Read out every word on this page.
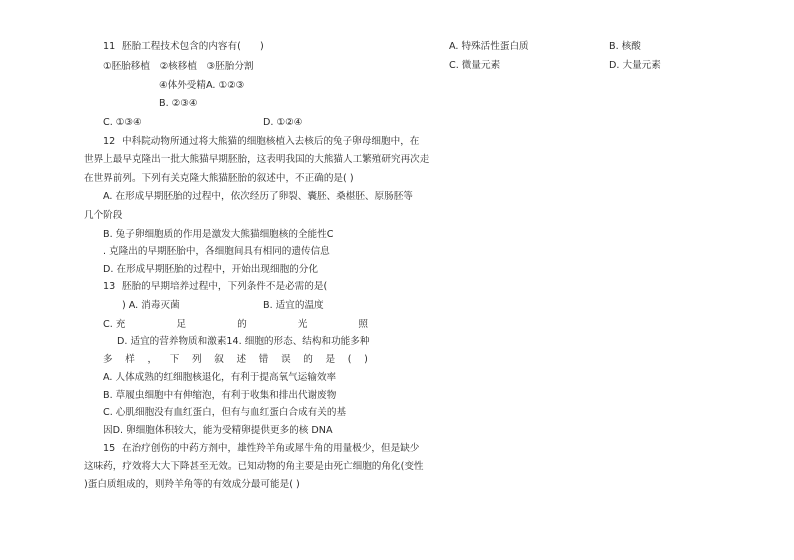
11 胚胎工程技术包含的内容有(　　)
①胚胎移植　②核移植　③胚胎分割
④体外受精A. ①②③
B. ②③④
C. ①③④	D. ①②④
12 中科院动物所通过将大熊猫的细胞核植入去核后的兔子卵母细胞中，在
世界上最早克隆出一批大熊猫早期胚胎，这表明我国的大熊猫人工繁殖研究再次走
在世界前列。下列有关克隆大熊猫胚胎的叙述中，不正确的是( )
A. 在形成早期胚胎的过程中，依次经历了卵裂、囊胚、桑椹胚、原肠胚等
几个阶段
B. 兔子卵细胞质的作用是激发大熊猫细胞核的全能性C
. 克隆出的早期胚胎中，各细胞间具有相同的遗传信息
D. 在形成早期胚胎的过程中，开始出现细胞的分化
13 胚胎的早期培养过程中，下列条件不是必需的是(
) A. 消毒灭菌	B. 适宜的温度
C. 充	足	的	光	照
D. 适宜的营养物质和激素14. 细胞的形态、结构和功能多种
多 样 ， 下 列 叙 述 错 误 的 是 ( )
A. 人体成熟的红细胞核退化，有利于提高氧气运输效率
B. 草履虫细胞中有伸缩泡，有利于收集和排出代谢废物
C. 心肌细胞没有血红蛋白，但有与血红蛋白合成有关的基
因D. 卵细胞体积较大，能为受精卵提供更多的核 DNA
15 在治疗创伤的中药方剂中，雄性羚羊角或犀牛角的用量极少，但是缺少
这味药，疗效将大大下降甚至无效。已知动物的角主要是由死亡细胞的角化(变性
)蛋白质组成的，则羚羊角等的有效成分最可能是( )
A. 特殊活性蛋白质	B. 核酸
C. 微量元素	D. 大量元素
